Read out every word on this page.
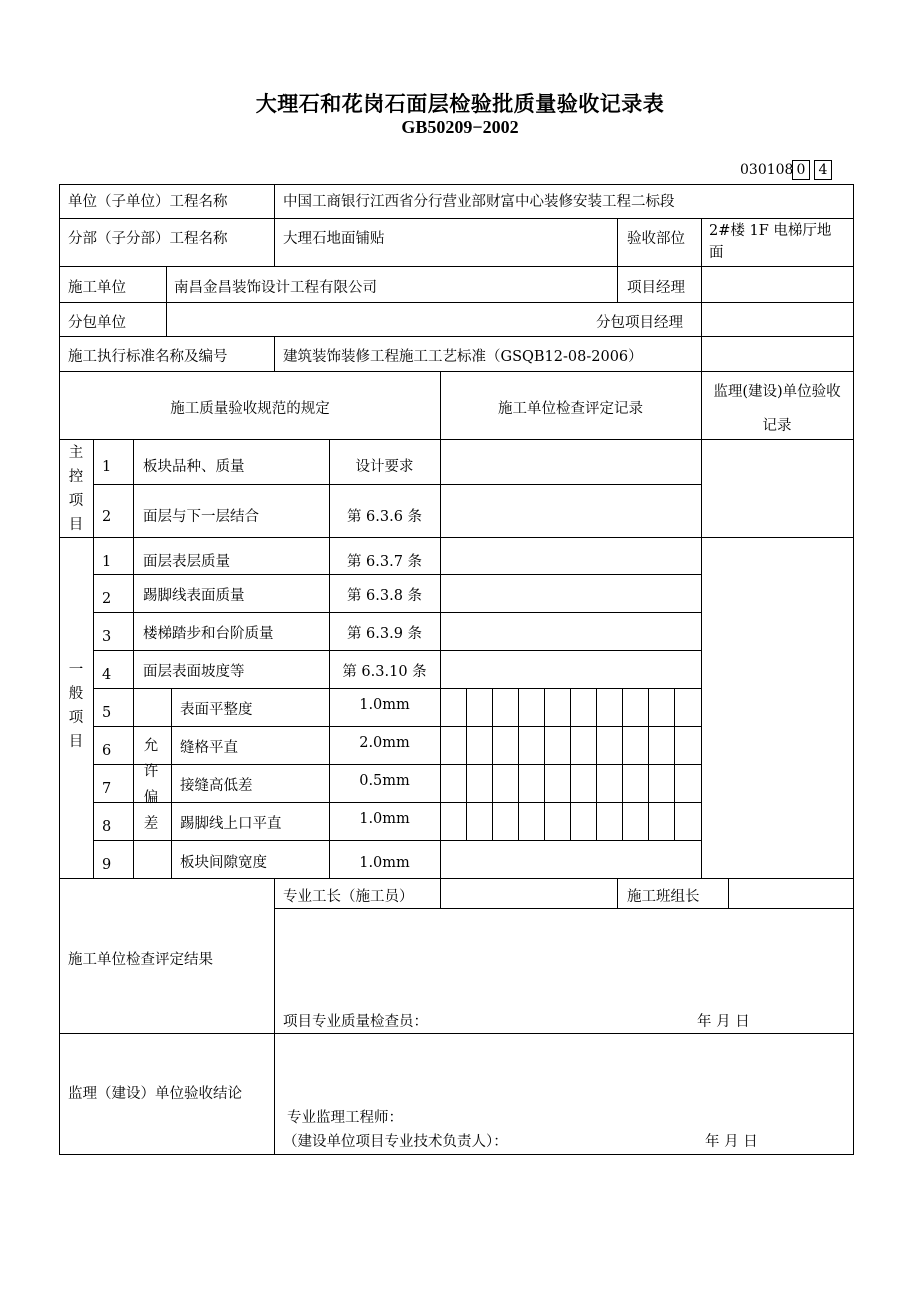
大理石和花岗石面层检验批质量验收记录表
GB50209−2002
030108 0 4
单位（子单位）工程名称	中国工商银行江西省分行营业部财富中心装修安装工程二标段
分部（子分部）工程名称	大理石地面铺贴	验收部位 2#楼 1F 电梯厅地
面
施工单位	南昌金昌装饰设计工程有限公司	项目经理
分包单位	分包项目经理
施工执行标准名称及编号	建筑装饰装修工程施工工艺标准（GSQB12-08-2006）
施工质量验收规范的规定	施工单位检查评定记录
监理(建设)单位验收
记录
主
控
项
目
1 板块品种、质量	设计要求
2 面层与下一层结合	第 6.3.6 条
一
般
项
目
1 面层表层质量	第 6.3.7 条
2 踢脚线表面质量	第 6.3.8 条
3 楼梯踏步和台阶质量	第 6.3.9 条
4 面层表面坡度等	第 6.3.10 条
允
许
偏
差
5	表面平整度	1.0mm
6	缝格平直	2.0mm
7	接缝高低差	0.5mm
8	踢脚线上口平直	1.0mm
9	板块间隙宽度	1.0mm
专业工长（施工员）	施工班组长
施工单位检查评定结果
项目专业质量检查员：	年 月 日
监理（建设）单位验收结论
专业监理工程师：
（建设单位项目专业技术负责人）：	年 月 日
